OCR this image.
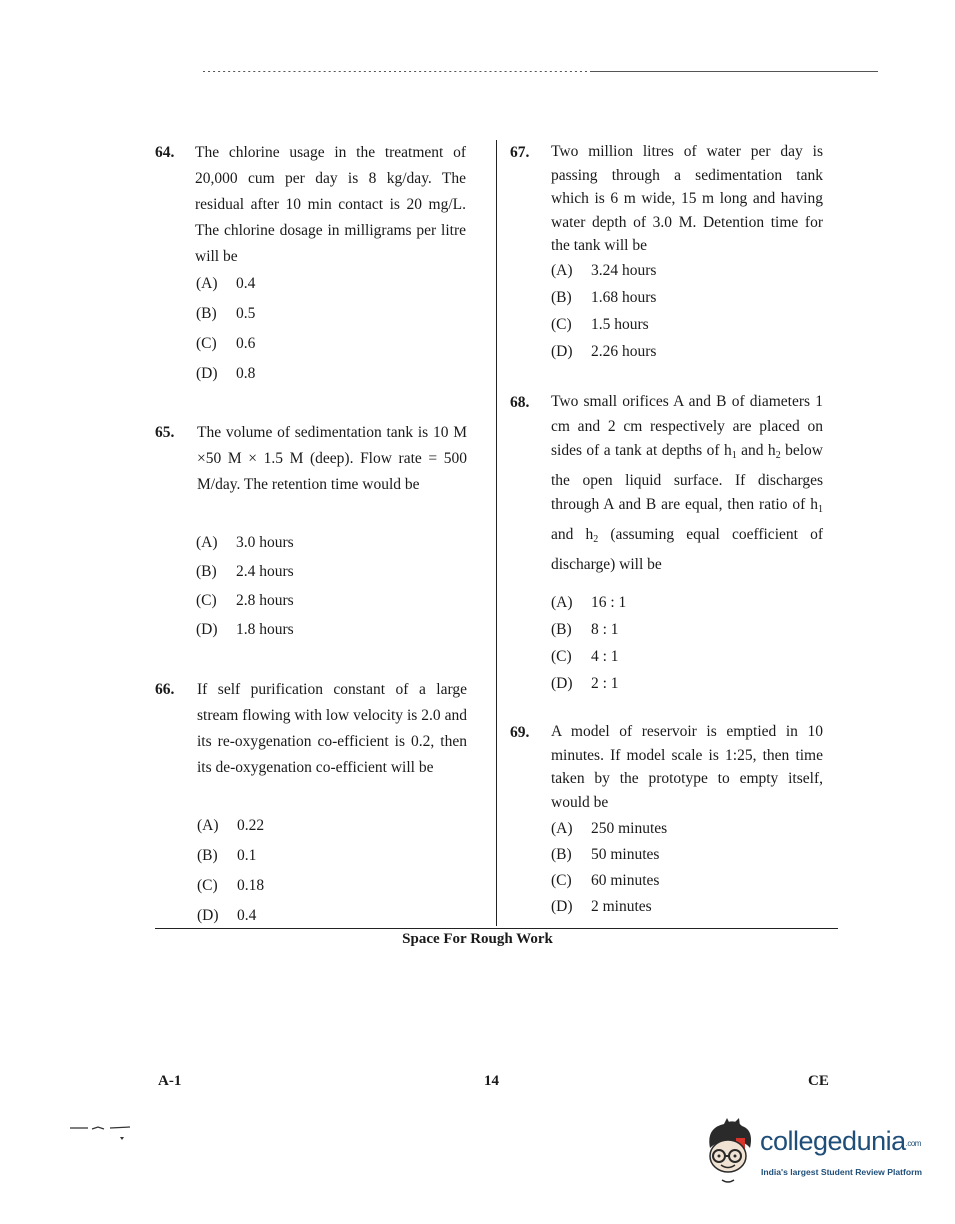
64. The chlorine usage in the treatment of 20,000 cum per day is 8 kg/day. The residual after 10 min contact is 20 mg/L. The chlorine dosage in milligrams per litre will be
(A) 0.4
(B) 0.5
(C) 0.6
(D) 0.8
65. The volume of sedimentation tank is 10 M ×50 M × 1.5 M (deep). Flow rate = 500 M/day. The retention time would be
(A) 3.0 hours
(B) 2.4 hours
(C) 2.8 hours
(D) 1.8 hours
66. If self purification constant of a large stream flowing with low velocity is 2.0 and its re-oxygenation co-efficient is 0.2, then its de-oxygenation co-efficient will be
(A) 0.22
(B) 0.1
(C) 0.18
(D) 0.4
67. Two million litres of water per day is passing through a sedimentation tank which is 6 m wide, 15 m long and having water depth of 3.0 M. Detention time for the tank will be
(A) 3.24 hours
(B) 1.68 hours
(C) 1.5 hours
(D) 2.26 hours
68. Two small orifices A and B of diameters 1 cm and 2 cm respectively are placed on sides of a tank at depths of $h_1$ and $h_2$ below the open liquid surface. If discharges through A and B are equal, then ratio of $h_1$ and $h_2$ (assuming equal coefficient of discharge) will be
(A) 16 : 1
(B) 8 : 1
(C) 4 : 1
(D) 2 : 1
69. A model of reservoir is emptied in 10 minutes. If model scale is 1:25, then time taken by the prototype to empty itself, would be
(A) 250 minutes
(B) 50 minutes
(C) 60 minutes
(D) 2 minutes
Space For Rough Work
A-1	14	CE
collegedunia.com
India's largest Student Review Platform
